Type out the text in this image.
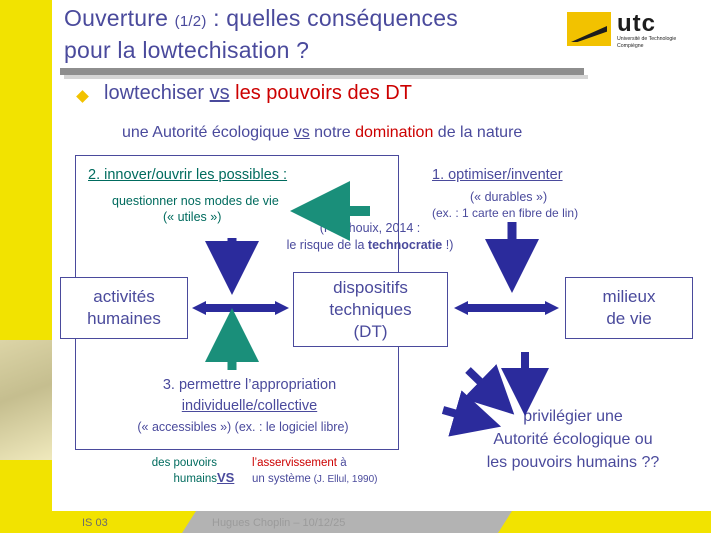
Ouverture (1/2) : quelles conséquences
pour la lowtechisation ?
utc
Université de Technologie Compiègne
lowtechiser vs les pouvoirs des DT
une Autorité écologique vs notre domination de la nature
2. innover/ouvrir les possibles :
questionner nos modes de vie
(« utiles »)
1. optimiser/inventer
(« durables »)
(ex. : 1 carte en fibre de lin)
(P. Bihouix, 2014 :
le risque de la technocratie !)
activités
humaines
dispositifs
techniques
(DT)
milieux
de vie
3. permettre l’appropriation
individuelle/collective
(« accessibles ») (ex. : le logiciel libre)
privilégier une
Autorité écologique ou
les pouvoirs humains ??
des pouvoirs
humains VS
l’asservissement à
un système (J. Ellul, 1990)
IS 03	Hugues Choplin – 10/12/25
